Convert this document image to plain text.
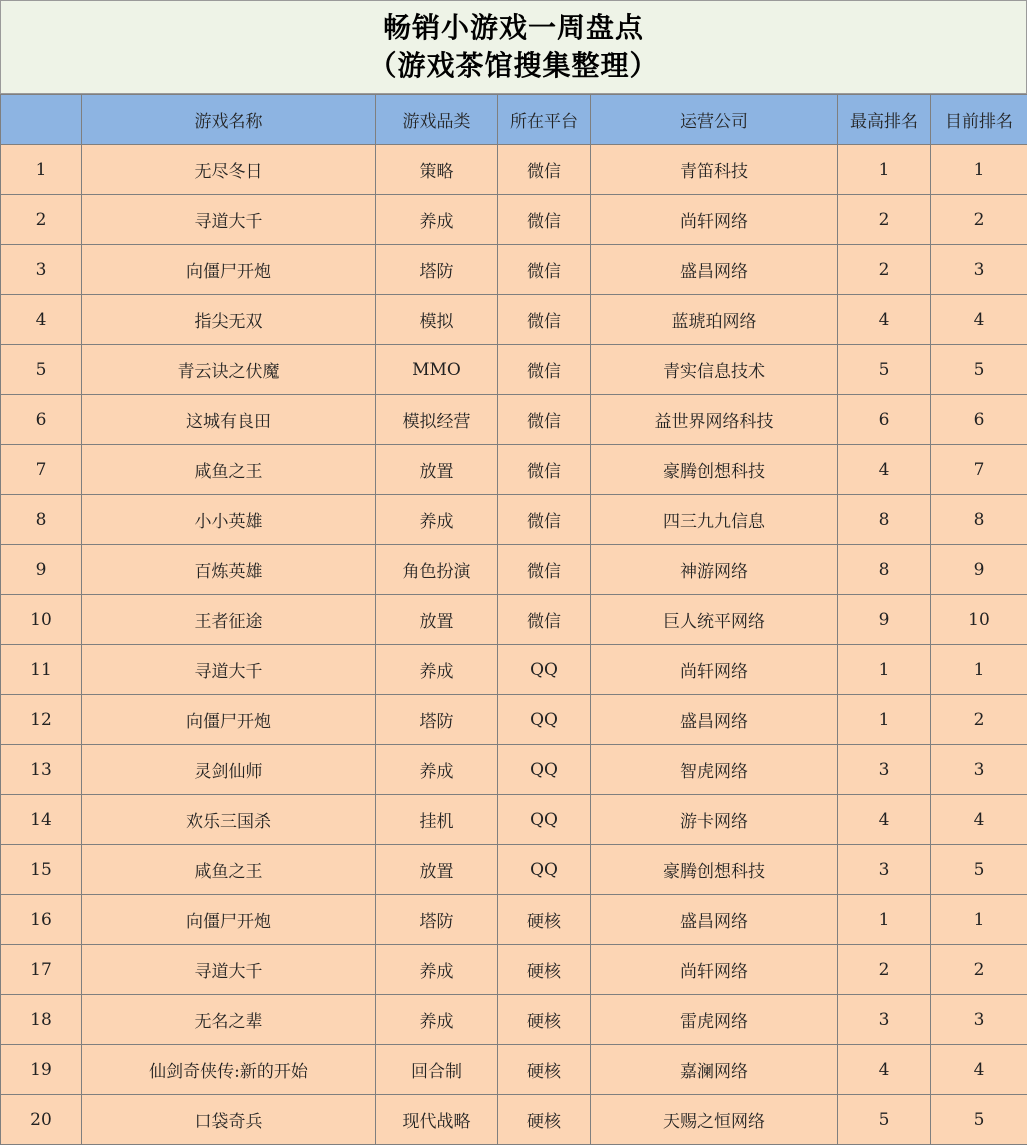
畅销小游戏一周盘点
（游戏茶馆搜集整理）
	游戏名称	游戏品类	所在平台	运营公司	最高排名	目前排名
1	无尽冬日	策略	微信	青笛科技	1	1
2	寻道大千	养成	微信	尚轩网络	2	2
3	向僵尸开炮	塔防	微信	盛昌网络	2	3
4	指尖无双	模拟	微信	蓝琥珀网络	4	4
5	青云诀之伏魔	MMO	微信	青实信息技术	5	5
6	这城有良田	模拟经营	微信	益世界网络科技	6	6
7	咸鱼之王	放置	微信	豪腾创想科技	4	7
8	小小英雄	养成	微信	四三九九信息	8	8
9	百炼英雄	角色扮演	微信	神游网络	8	9
10	王者征途	放置	微信	巨人统平网络	9	10
11	寻道大千	养成	QQ	尚轩网络	1	1
12	向僵尸开炮	塔防	QQ	盛昌网络	1	2
13	灵剑仙师	养成	QQ	智虎网络	3	3
14	欢乐三国杀	挂机	QQ	游卡网络	4	4
15	咸鱼之王	放置	QQ	豪腾创想科技	3	5
16	向僵尸开炮	塔防	硬核	盛昌网络	1	1
17	寻道大千	养成	硬核	尚轩网络	2	2
18	无名之辈	养成	硬核	雷虎网络	3	3
19	仙剑奇侠传:新的开始	回合制	硬核	嘉澜网络	4	4
20	口袋奇兵	现代战略	硬核	天赐之恒网络	5	5
